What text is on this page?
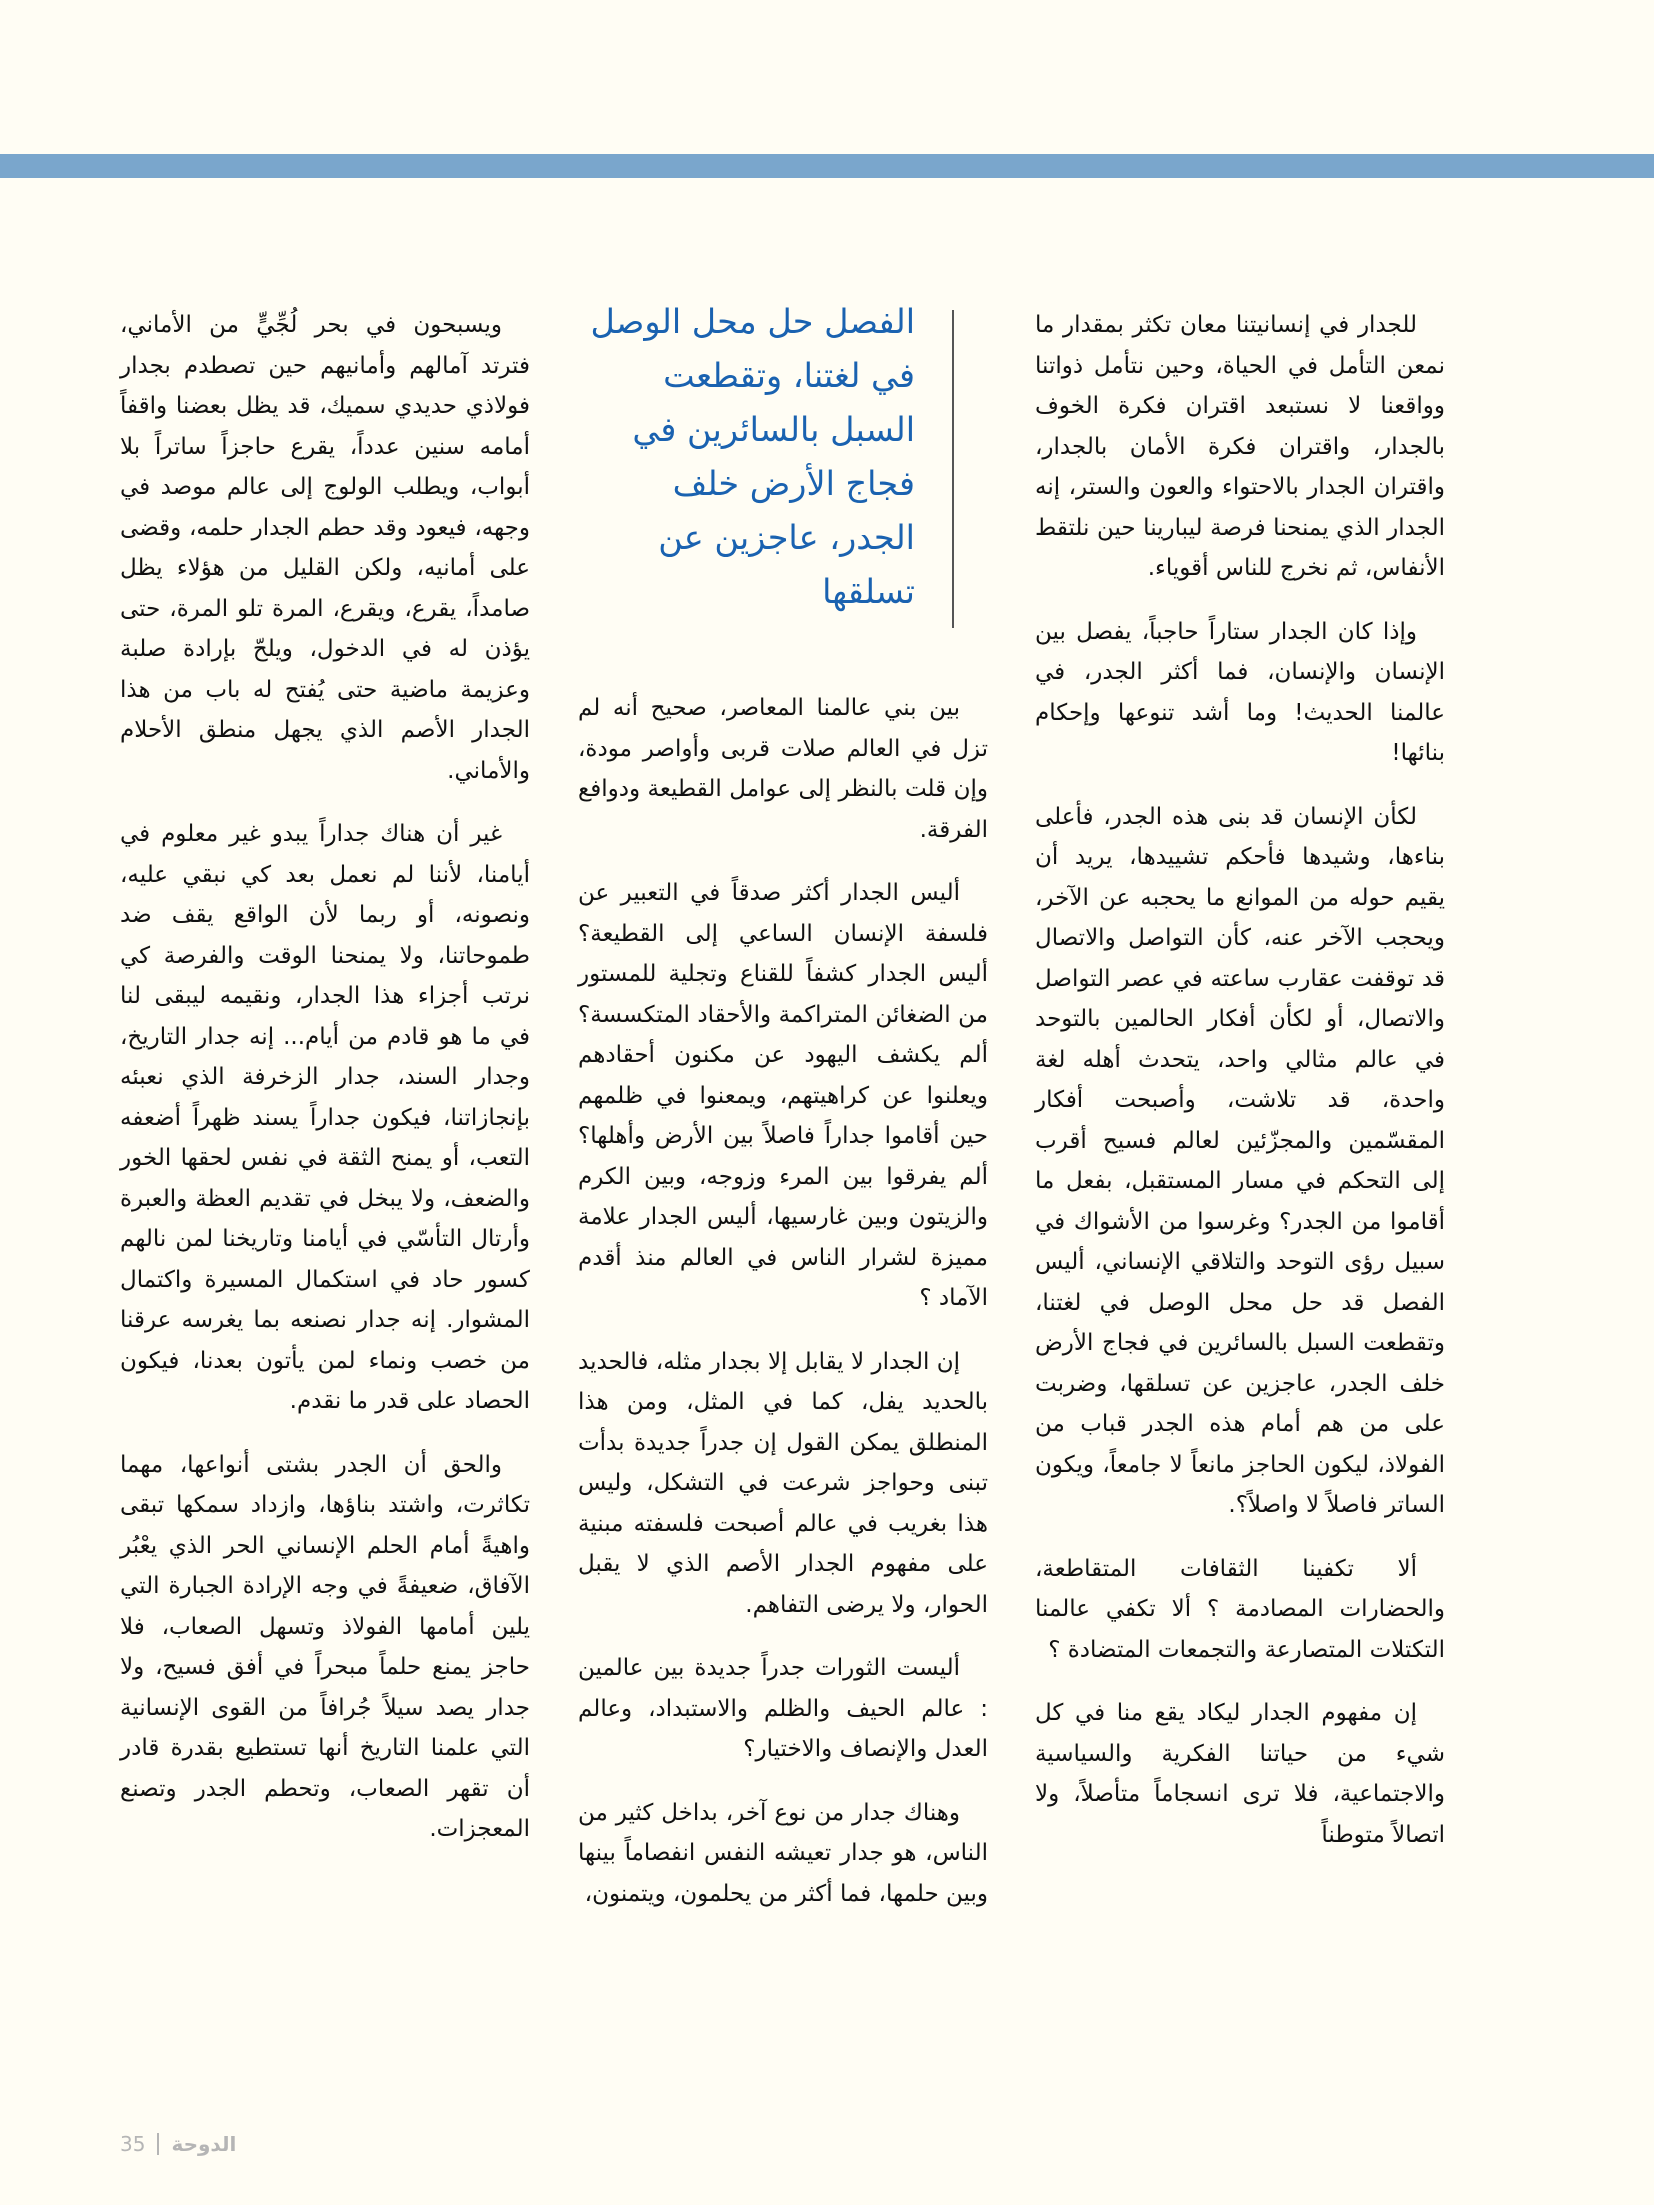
للجدار في إنسانيتنا معان تكثر بمقدار ما نمعن التأمل في الحياة، وحين نتأمل ذواتنا وواقعنا لا نستبعد اقتران فكرة الخوف بالجدار، واقتران فكرة الأمان بالجدار، واقتران الجدار بالاحتواء والعون والستر، إنه الجدار الذي يمنحنا فرصة ليبارينا حين نلتقط الأنفاس، ثم نخرج للناس أقوياء.

وإذا كان الجدار ستاراً حاجباً، يفصل بين الإنسان والإنسان، فما أكثر الجدر، في عالمنا الحديث! وما أشد تنوعها وإحكام بنائها!

لكأن الإنسان قد بنى هذه الجدر، فأعلى بناءها، وشيدها فأحكم تشييدها، يريد أن يقيم حوله من الموانع ما يحجبه عن الآخر، ويحجب الآخر عنه، كأن التواصل والاتصال قد توقفت عقارب ساعته في عصر التواصل والاتصال، أو لكأن أفكار الحالمين بالتوحد في عالم مثالي واحد، يتحدث أهله لغة واحدة، قد تلاشت، وأصبحت أفكار المقسّمين والمجزّئين لعالم فسيح أقرب إلى التحكم في مسار المستقبل، بفعل ما أقاموا من الجدر؟ وغرسوا من الأشواك في سبيل رؤى التوحد والتلاقي الإنساني، أليس الفصل قد حل محل الوصل في لغتنا، وتقطعت السبل بالسائرين في فجاج الأرض خلف الجدر، عاجزين عن تسلقها، وضربت على من هم أمام هذه الجدر قباب من الفولاذ، ليكون الحاجز مانعاً لا جامعاً، ويكون الساتر فاصلاً لا واصلاً؟.

ألا تكفينا الثقافات المتقاطعة، والحضارات المصادمة ؟ ألا تكفي عالمنا التكتلات المتصارعة والتجمعات المتضادة ؟

إن مفهوم الجدار ليكاد يقع منا في كل شيء من حياتنا الفكرية والسياسية والاجتماعية، فلا ترى انسجاماً متأصلاً، ولا اتصالاً متوطناً

الفصل حل محل الوصل في لغتنا، وتقطعت السبل بالسائرين في فجاج الأرض خلف الجدر، عاجزين عن تسلقها

بين بني عالمنا المعاصر، صحيح أنه لم تزل في العالم صلات قربى وأواصر مودة، وإن قلت بالنظر إلى عوامل القطيعة ودوافع الفرقة.

أليس الجدار أكثر صدقاً في التعبير عن فلسفة الإنسان الساعي إلى القطيعة؟ أليس الجدار كشفاً للقناع وتجلية للمستور من الضغائن المتراكمة والأحقاد المتكسسة؟ ألم يكشف اليهود عن مكنون أحقادهم ويعلنوا عن كراهيتهم، ويمعنوا في ظلمهم حين أقاموا جداراً فاصلاً بين الأرض وأهلها؟ ألم يفرقوا بين المرء وزوجه، وبين الكرم والزيتون وبين غارسيها، أليس الجدار علامة مميزة لشرار الناس في العالم منذ أقدم الآماد ؟

إن الجدار لا يقابل إلا بجدار مثله، فالحديد بالحديد يفل، كما في المثل، ومن هذا المنطلق يمكن القول إن جدراً جديدة بدأت تبنى وحواجز شرعت في التشكل، وليس هذا بغريب في عالم أصبحت فلسفته مبنية على مفهوم الجدار الأصم الذي لا يقبل الحوار، ولا يرضى التفاهم.

أليست الثورات جدراً جديدة بين عالمين : عالم الحيف والظلم والاستبداد، وعالم العدل والإنصاف والاختيار؟

وهناك جدار من نوع آخر، بداخل كثير من الناس، هو جدار تعيشه النفس انفصاماً بينها وبين حلمها، فما أكثر من يحلمون، ويتمنون،

ويسبحون في بحر لُجِّيٍّ من الأماني، فترتد آمالهم وأمانيهم حين تصطدم بجدار فولاذي حديدي سميك، قد يظل بعضنا واقفاً أمامه سنين عدداً، يقرع حاجزاً ساتراً بلا أبواب، ويطلب الولوج إلى عالم موصد في وجهه، فيعود وقد حطم الجدار حلمه، وقضى على أمانيه، ولكن القليل من هؤلاء يظل صامداً، يقرع، ويقرع، المرة تلو المرة، حتى يؤذن له في الدخول، ويلحّ بإرادة صلبة وعزيمة ماضية حتى يُفتح له باب من هذا الجدار الأصم الذي يجهل منطق الأحلام والأماني.

غير أن هناك جداراً يبدو غير معلوم في أيامنا، لأننا لم نعمل بعد كي نبقي عليه، ونصونه، أو ربما لأن الواقع يقف ضد طموحاتنا، ولا يمنحنا الوقت والفرصة كي نرتب أجزاء هذا الجدار، ونقيمه ليبقى لنا في ما هو قادم من أيام... إنه جدار التاريخ، وجدار السند، جدار الزخرفة الذي نعبئه بإنجازاتنا، فيكون جداراً يسند ظهراً أضعفه التعب، أو يمنح الثقة في نفس لحقها الخور والضعف، ولا يبخل في تقديم العظة والعبرة وأرتال التأسّي في أيامنا وتاريخنا لمن نالهم كسور حاد في استكمال المسيرة واكتمال المشوار. إنه جدار نصنعه بما يغرسه عرقنا من خصب ونماء لمن يأتون بعدنا، فيكون الحصاد على قدر ما نقدم.

والحق أن الجدر بشتى أنواعها، مهما تكاثرت، واشتد بناؤها، وازداد سمكها تبقى واهيةً أمام الحلم الإنساني الحر الذي يعْبُر الآفاق، ضعيفةً في وجه الإرادة الجبارة التي يلين أمامها الفولاذ وتسهل الصعاب، فلا حاجز يمنع حلماً مبحراً في أفق فسيح، ولا جدار يصد سيلاً جُرافاً من القوى الإنسانية التي علمنا التاريخ أنها تستطيع بقدرة قادر أن تقهر الصعاب، وتحطم الجدر وتصنع المعجزات.

35 الدوحة
